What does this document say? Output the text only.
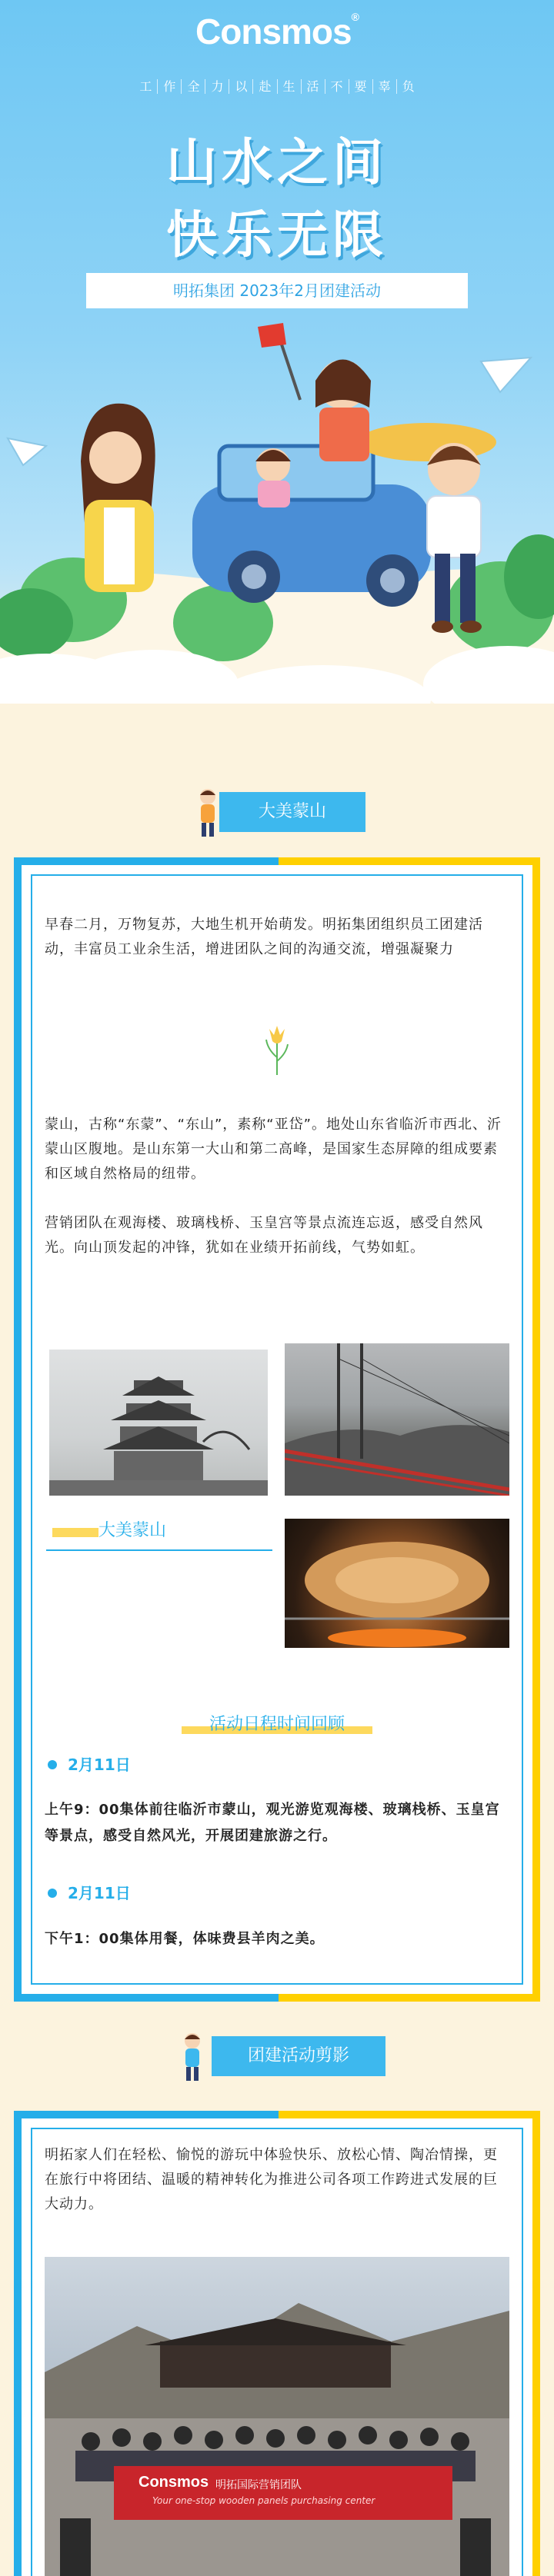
Consmos®
工 作 全 力 以 赴 生 活 不 要 辜 负
山水之间
快乐无限
明拓集团 2023年2月团建活动
大美蒙山

早春二月，万物复苏，大地生机开始萌发。明拓集团组织员工团建活动，丰富员工业余生活，增进团队之间的沟通交流，增强凝聚力

蒙山，古称“东蒙”、“东山”，素称“亚岱”。地处山东省临沂市西北、沂蒙山区腹地。是山东第一大山和第二高峰，是国家生态屏障的组成要素和区域自然格局的纽带。

营销团队在观海楼、玻璃栈桥、玉皇宫等景点流连忘返，感受自然风光。向山顶发起的冲锋，犹如在业绩开拓前线，气势如虹。

大美蒙山
活动日程时间回顾
2月11日

上午9：00集体前往临沂市蒙山，观光游览观海楼、玻璃栈桥、玉皇宫等景点，感受自然风光，开展团建旅游之行。

2月11日

下午1：00集体用餐，体味费县羊肉之美。

团建活动剪影

明拓家人们在轻松、愉悦的游玩中体验快乐、放松心情、陶冶情操，更在旅行中将团结、温暖的精神转化为推进公司各项工作跨进式发展的巨大动力。

Consmos 明拓国际营销团队
Your one-stop wooden panels purchasing center
